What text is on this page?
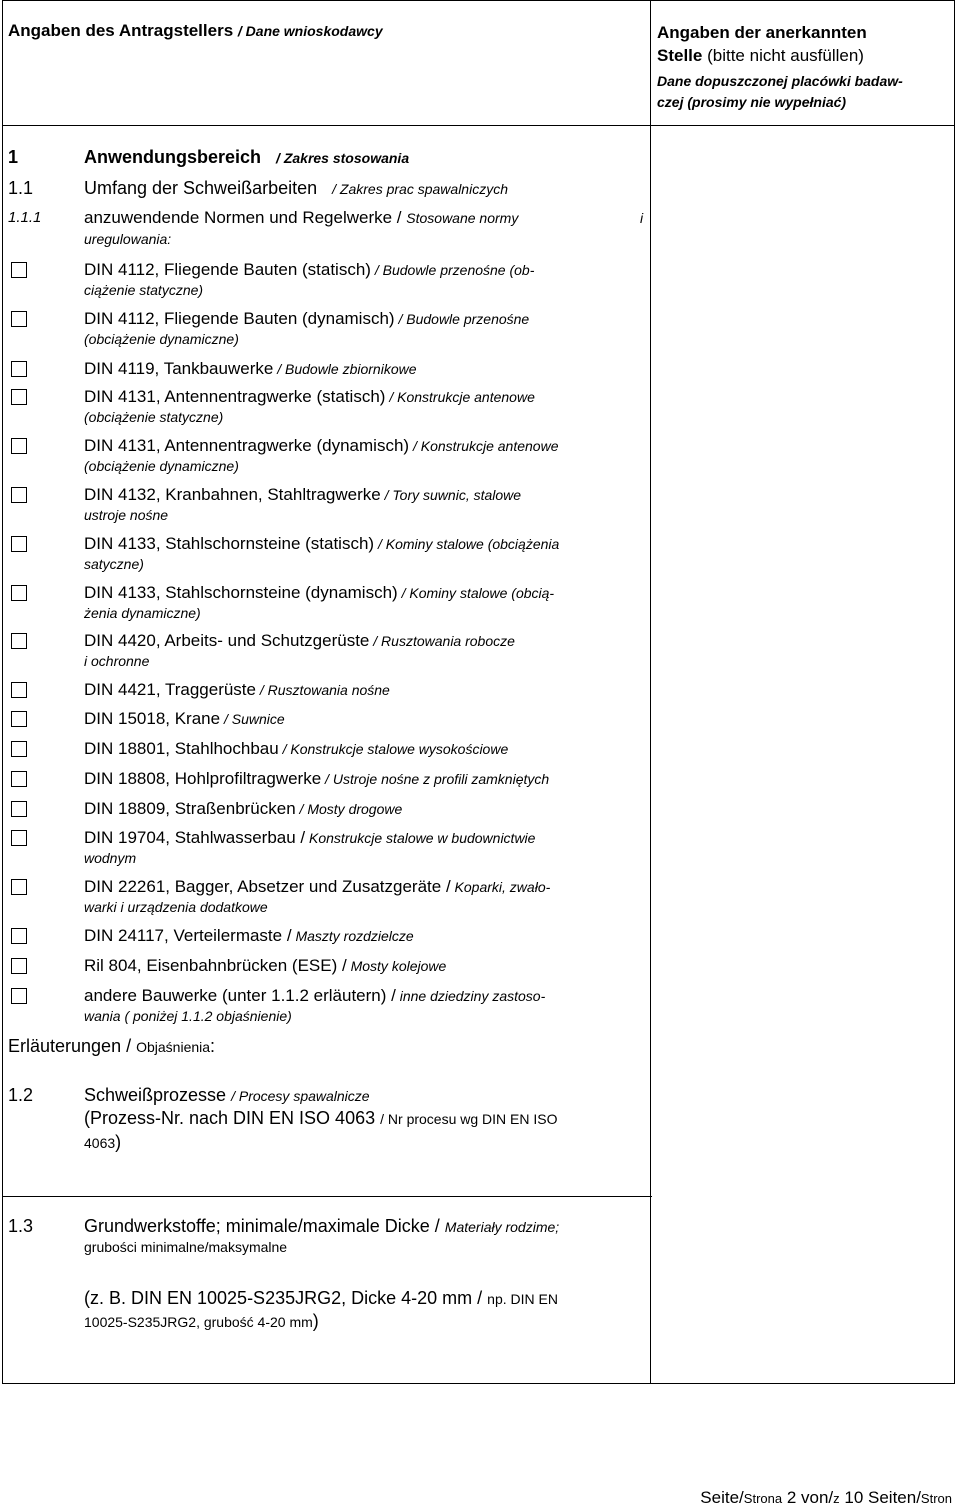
Angaben des Antragstellers / Dane wnioskodawcy	Angaben der anerkannten
Stelle (bitte nicht ausfüllen)
Dane dopuszczonej placówki badaw-
czej (prosimy nie wypełniać)
1	Anwendungsbereich / Zakres stosowania
1.1	Umfang der Schweißarbeiten / Zakres prac spawalniczych
1.1.1	anzuwendende Normen und Regelwerke / Stosowane normy	i
uregulowania:
DIN 4112, Fliegende Bauten (statisch) / Budowle przenośne (ob-
ciążenie statyczne)
DIN 4112, Fliegende Bauten (dynamisch) / Budowle przenośne
(obciążenie dynamiczne)
DIN 4119, Tankbauwerke / Budowle zbiornikowe
DIN 4131, Antennentragwerke (statisch) / Konstrukcje antenowe
(obciążenie statyczne)
DIN 4131, Antennentragwerke (dynamisch) / Konstrukcje antenowe
(obciążenie dynamiczne)
DIN 4132, Kranbahnen, Stahltragwerke / Tory suwnic, stalowe
ustroje nośne
DIN 4133, Stahlschornsteine (statisch) / Kominy stalowe (obciążenia
satyczne)
DIN 4133, Stahlschornsteine (dynamisch) / Kominy stalowe (obcią-
żenia dynamiczne)
DIN 4420, Arbeits- und Schutzgerüste / Rusztowania robocze
i ochronne
DIN 4421, Traggerüste / Rusztowania nośne
DIN 15018, Krane / Suwnice
DIN 18801, Stahlhochbau / Konstrukcje stalowe wysokościowe
DIN 18808, Hohlprofiltragwerke / Ustroje nośne z profili zamkniętych
DIN 18809, Straßenbrücken / Mosty drogowe
DIN 19704, Stahlwasserbau / Konstrukcje stalowe w budownictwie
wodnym
DIN 22261, Bagger, Absetzer und Zusatzgeräte / Koparki, zwało-
warki i urządzenia dodatkowe
DIN 24117, Verteilermaste / Maszty rozdzielcze
Ril 804, Eisenbahnbrücken (ESE) / Mosty kolejowe
andere Bauwerke (unter 1.1.2 erläutern) / inne dziedziny zastoso-
wania ( poniżej 1.1.2 objaśnienie)
Erläuterungen / Objaśnienia:
1.2	Schweißprozesse / Procesy spawalnicze
(Prozess-Nr. nach DIN EN ISO 4063 / Nr procesu wg DIN EN ISO
4063)
1.3	Grundwerkstoffe; minimale/maximale Dicke / Materiały rodzime;
grubości minimalne/maksymalne
(z. B. DIN EN 10025-S235JRG2, Dicke 4-20 mm / np. DIN EN
10025-S235JRG2, grubość 4-20 mm)
Seite/Strona 2 von/z 10 Seiten/Stron
